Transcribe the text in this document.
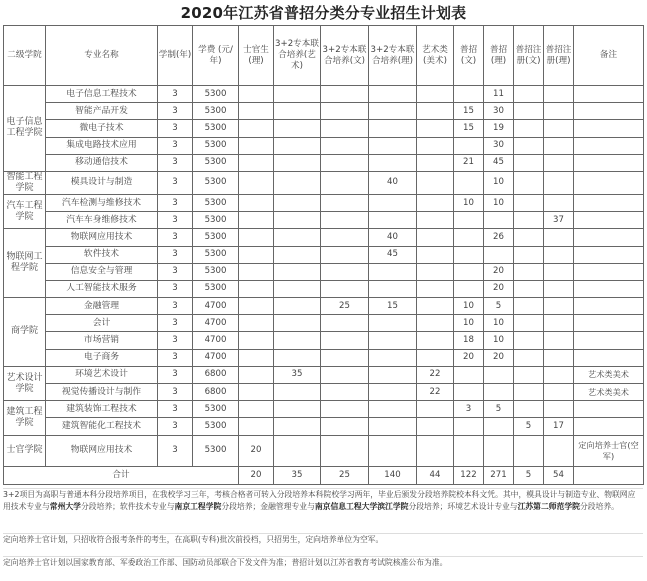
2020年江苏省普招分类分专业招生计划表
二级学院	专业名称	学制(年)	学费 (元/年)	士官生(理)	3+2专本联合培养(艺术)	3+2专本联合培养(文)	3+2专本联合培养(理)	艺术类(美术)	普招(文)	普招(理)	普招注册(文)	普招注册(理)	备注
电子信息工程学院	电子信息工程技术	3	5300							11			
	智能产品开发	3	5300						15	30			
	微电子技术	3	5300						15	19			
	集成电路技术应用	3	5300							30			
	移动通信技术	3	5300						21	45			
智能工程学院	模具设计与制造	3	5300				40			10			
汽车工程学院	汽车检测与维修技术	3	5300						10	10			
	汽车车身维修技术	3	5300									37	
物联网工程学院	物联网应用技术	3	5300				40			26			
	软件技术	3	5300				45						
	信息安全与管理	3	5300							20			
	人工智能技术服务	3	5300							20			
商学院	金融管理	3	4700			25	15		10	5			
	会计	3	4700						10	10			
	市场营销	3	4700						18	10			
	电子商务	3	4700						20	20			
艺术设计学院	环境艺术设计	3	6800		35			22					艺术类美术
	视觉传播设计与制作	3	6800					22					艺术类美术
建筑工程学院	建筑装饰工程技术	3	5300						3	5			
	建筑智能化工程技术	3	5300								5	17	
士官学院	物联网应用技术	3	5300	20									定向培养士官(空军)
合计				20	35	25	140	44	122	271	5	54	
3+2项目为高职与普通本科分段培养项目，在我校学习三年，考核合格者可转入分段培养本科院校学习两年，毕业后颁发分段培养院校本科文凭。其中，模具设计与制造专业、物联网应用技术专业与常州大学分段培养；软件技术专业与南京工程学院分段培养；金融管理专业与南京信息工程大学滨江学院分段培养；环境艺术设计专业与江苏第二师范学院分段培养。
定向培养士官计划，只招收符合报考条件的考生，在高职(专科)批次前投档，只招男生，定向培养单位为空军。
定向培养士官计划以国家教育部、军委政治工作部、国防动员部联合下发文件为准；普招计划以江苏省教育考试院核准公布为准。
